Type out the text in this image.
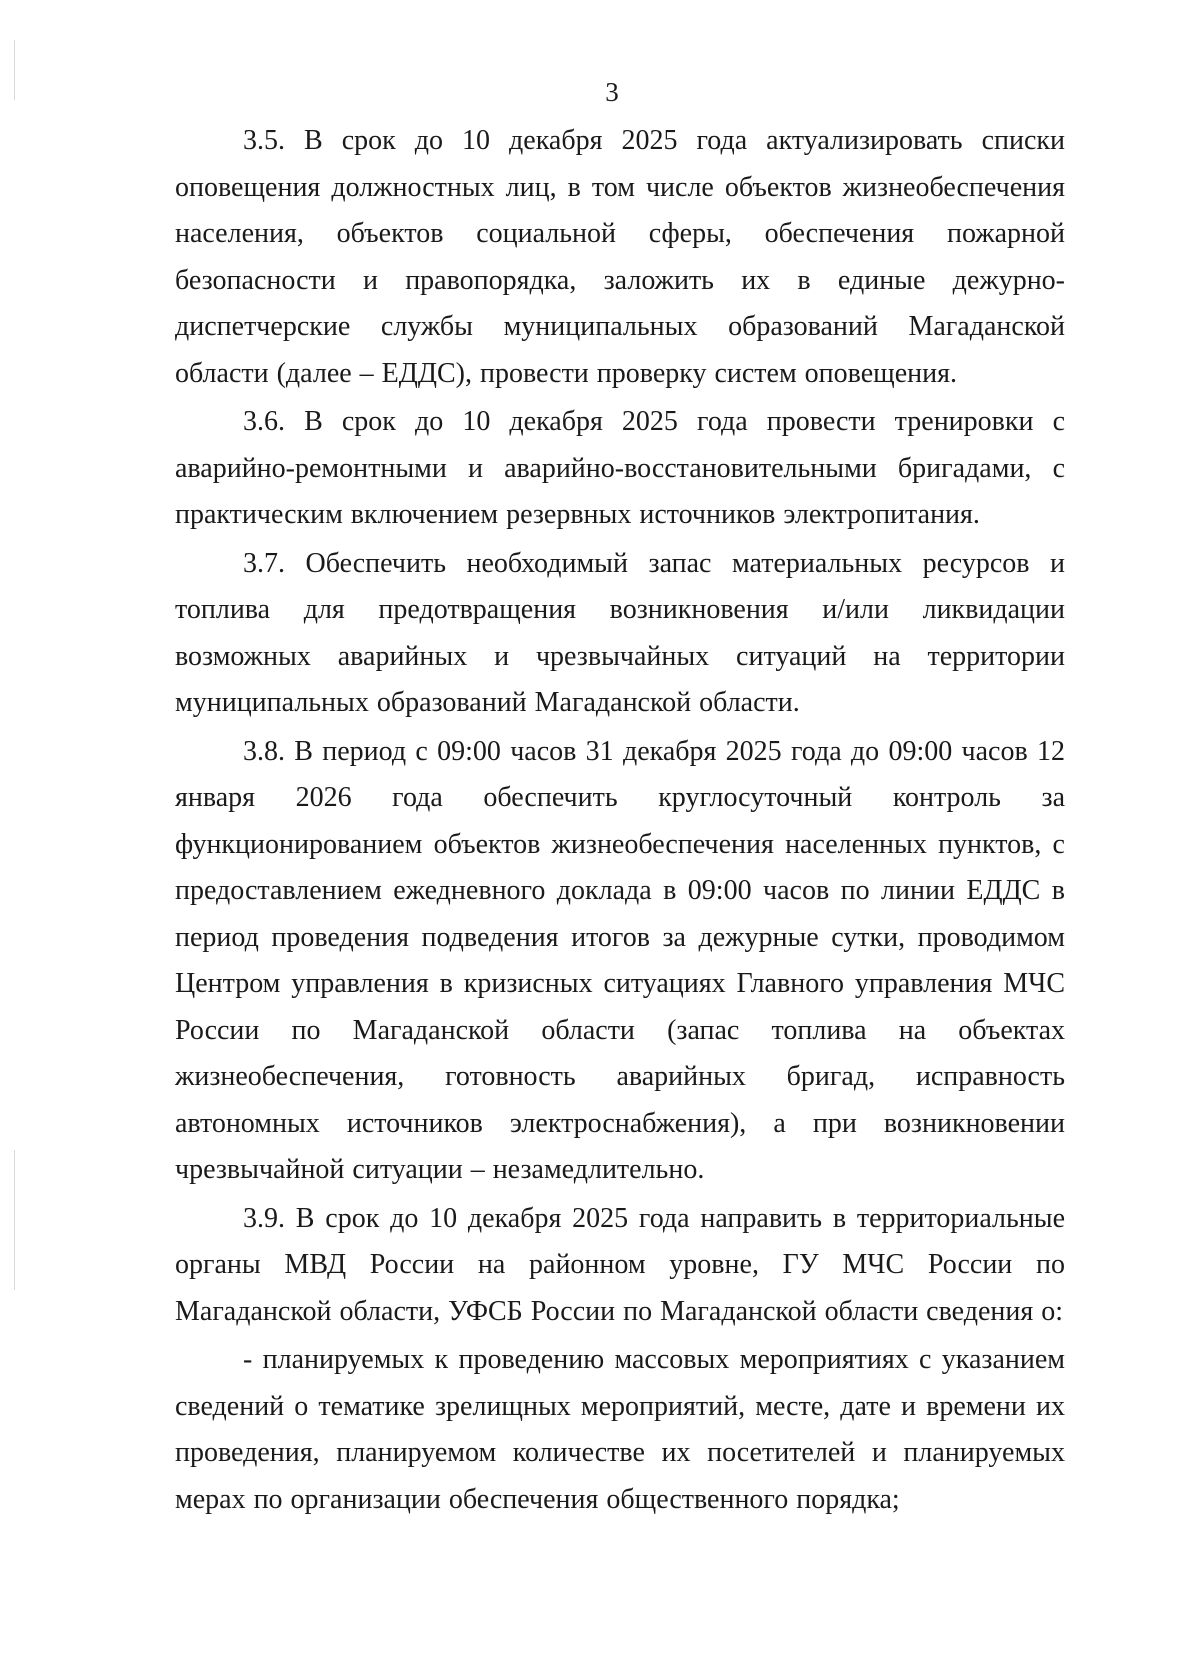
3

3.5. В срок до 10 декабря 2025 года актуализировать списки оповещения должностных лиц, в том числе объектов жизнеобеспечения населения, объектов социальной сферы, обеспечения пожарной безопасности и правопорядка, заложить их в единые дежурно-диспетчерские службы муниципальных образований Магаданской области (далее – ЕДДС), провести проверку систем оповещения.

3.6. В срок до 10 декабря 2025 года провести тренировки с аварийно-ремонтными и аварийно-восстановительными бригадами, с практическим включением резервных источников электропитания.

3.7. Обеспечить необходимый запас материальных ресурсов и топлива для предотвращения возникновения и/или ликвидации возможных аварийных и чрезвычайных ситуаций на территории муниципальных образований Магаданской области.

3.8. В период с 09:00 часов 31 декабря 2025 года до 09:00 часов 12 января 2026 года обеспечить круглосуточный контроль за функционированием объектов жизнеобеспечения населенных пунктов, с предоставлением ежедневного доклада в 09:00 часов по линии ЕДДС в период проведения подведения итогов за дежурные сутки, проводимом Центром управления в кризисных ситуациях Главного управления МЧС России по Магаданской области (запас топлива на объектах жизнеобеспечения, готовность аварийных бригад, исправность автономных источников электроснабжения), а при возникновении чрезвычайной ситуации – незамедлительно.

3.9. В срок до 10 декабря 2025 года направить в территориальные органы МВД России на районном уровне, ГУ МЧС России по Магаданской области, УФСБ России по Магаданской области сведения о:

- планируемых к проведению массовых мероприятиях с указанием сведений о тематике зрелищных мероприятий, месте, дате и времени их проведения, планируемом количестве их посетителей и планируемых мерах по организации обеспечения общественного порядка;
